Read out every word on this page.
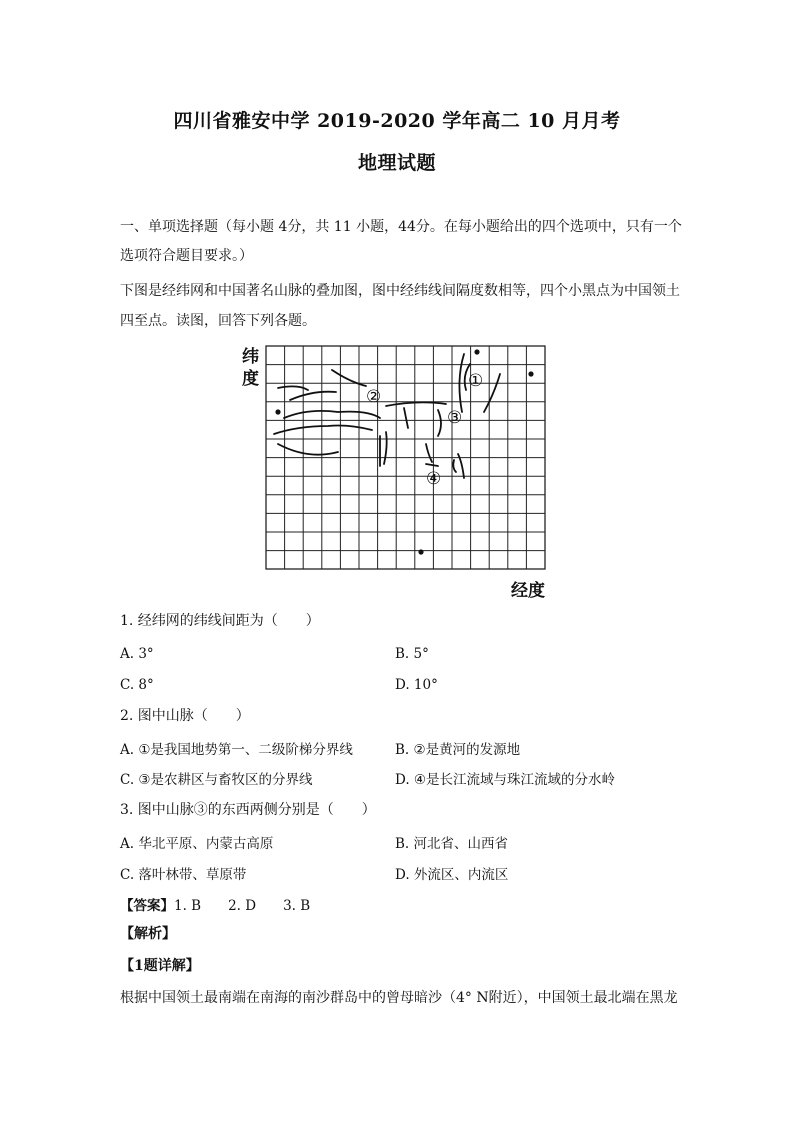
四川省雅安中学 2019-2020 学年高二 10 月月考
地理试题
一、单项选择题（每小题 4分，共 11 小题，44分。在每小题给出的四个选项中，只有一个
选项符合题目要求。）
下图是经纬网和中国著名山脉的叠加图，图中经纬线间隔度数相等，四个小黑点为中国领土
四至点。读图，回答下列各题。
①
②
③
④
纬
度
经度
1. 经纬网的纬线间距为（　　）
A. 3°	B. 5°
C. 8°	D. 10°
2. 图中山脉（　　）
A. ①是我国地势第一、二级阶梯分界线	B. ②是黄河的发源地
C. ③是农耕区与畜牧区的分界线	D. ④是长江流域与珠江流域的分水岭
3. 图中山脉③的东西两侧分别是（　　）
A. 华北平原、内蒙古高原	B. 河北省、山西省
C. 落叶林带、草原带	D. 外流区、内流区
【答案】1. B　　2. D　　3. B
【解析】
【1题详解】
根据中国领土最南端在南海的南沙群岛中的曾母暗沙（4° N附近），中国领土最北端在黑龙
